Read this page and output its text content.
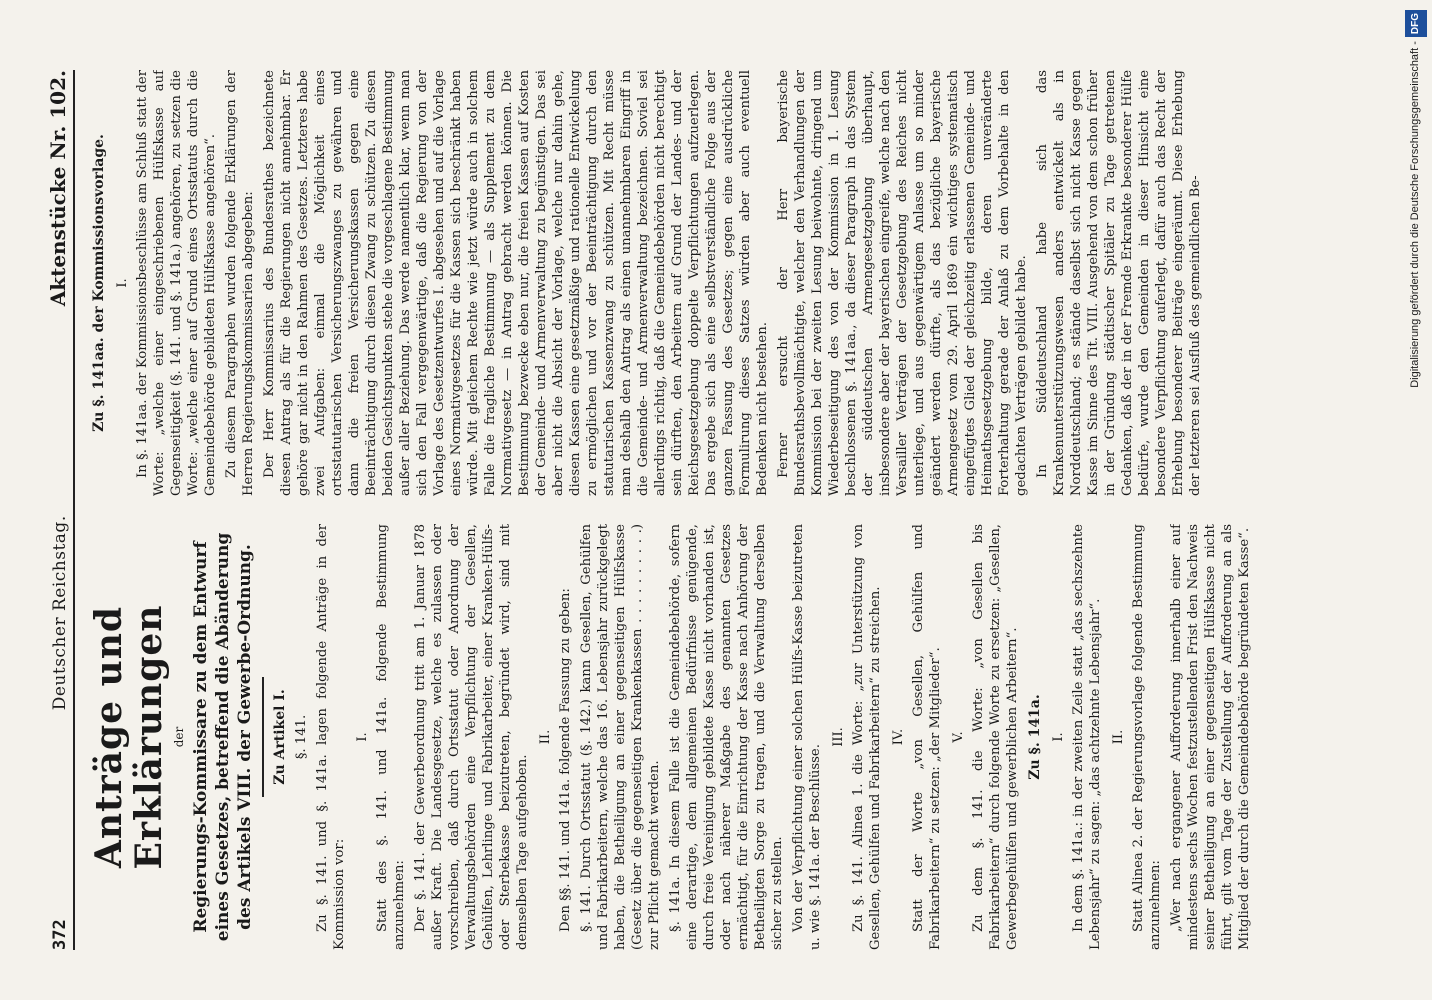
372
Deutscher Reichstag.
Aktenstücke Nr. 102.
Anträge und Erklärungen der Regierungs-Kommissare zu dem Entwurf eines Gesetzes, betreffend die Abänderung des Artikels VIII. der Gewerbe-Ordnung. Zu Artikel I. §. 141. Zu §. 141. und §. 141a. lagen folgende Anträge in der Kommission vor:

I. Statt des §. 141. und 141a. folgende Bestimmung anzunehmen: Der §. 141. der Gewerbeordnung tritt am 1. Januar 1878 außer Kraft. Die Landesgesetze, welche es zulassen oder vorschreiben, daß durch Ortsstatut oder Anordnung der Verwaltungsbehörden eine Verpflichtung der Gesellen, Gehülfen, Lehrlinge und Fabrikarbeiter, einer Kranken-Hülfs- oder Sterbekasse beizutreten, begründet wird, sind mit demselben Tage aufgehoben.

II. Den §§. 141. und 141a. folgende Fassung zu geben: §. 141. Durch Ortsstatut (§. 142.) kann Gesellen, Gehülfen und Fabrikarbeitern, welche das 16. Lebensjahr zurückgelegt haben, die Betheiligung an einer gegenseitigen Hülfskasse (Gesetz über die gegenseitigen Krankenkassen . . . . . . . . . .) zur Pflicht gemacht werden. §. 141a. In diesem Falle ist die Gemeindebehörde, sofern eine derartige, dem allgemeinen Bedürfnisse genügende, durch freie Vereinigung gebildete Kasse nicht vorhanden ist, oder nach näherer Maßgabe des genannten Gesetzes ermächtigt, für die Einrichtung der Kasse nach Anhörung der Betheiligten Sorge zu tragen, und die Verwaltung derselben sicher zu stellen. Von der Verpflichtung einer solchen Hülfs-Kasse beizutreten u. wie §. 141a. der Beschlüsse.

III. Zu §. 141. Alinea 1. die Worte: „zur Unterstützung von Gesellen, Gehülfen und Fabrikarbeitern“ zu streichen. IV. Statt der Worte „von Gesellen, Gehülfen und Fabrikarbeitern“ zu setzen: „der Mitglieder“. V. Zu dem §. 141. die Worte: „von Gesellen bis Fabrikarbeitern“ durch folgende Worte zu ersetzen: „Gesellen, Gewerbegehülfen und gewerblichen Arbeitern“. Zu §. 141a. I. In dem §. 141a.: in der zweiten Zeile statt „das sechszehnte Lebensjahr“ zu sagen: „das achtzehnte Lebensjahr“. II. Statt Alinea 2. der Regierungsvorlage folgende Bestimmung anzunehmen: „Wer nach ergangener Aufforderung innerhalb einer auf mindestens sechs Wochen festzustellenden Frist den Nachweis seiner Betheiligung an einer gegenseitigen Hülfskasse nicht führt, gilt vom Tage der Zustellung der Aufforderung an als Mitglied der durch die Gemeindebehörde begründeten Kasse“.

Zu §. 141aa. der Kommissionsvorlage. I. In §. 141aa. der Kommissionsbeschlüsse am Schluß statt der Worte: „welche einer eingeschriebenen Hülfskasse auf Gegenseitigkeit (§. 141. und §. 141a.) angehören, zu setzen die Worte: „welche einer auf Grund eines Ortsstatuts durch die Gemeindebehörde gebildeten Hülfskasse angehören“. Zu diesem Paragraphen wurden folgende Erklärungen der Herren Regierungskommissarien abgegeben: Der Herr Kommissarius des Bundesrathes bezeichnete diesen Antrag als für die Regierungen nicht annehmbar. Er gehöre gar nicht in den Rahmen des Gesetzes. Letzteres habe zwei Aufgaben: einmal die Möglichkeit eines ortsstatutarischen Versicherungszwanges zu gewähren und dann die freien Versicherungskassen gegen eine Beeinträchtigung durch diesen Zwang zu schützen. Zu diesen beiden Gesichtspunkten stehe die vorgeschlagene Bestimmung außer aller Beziehung. Das werde namentlich klar, wenn man sich den Fall vergegenwärtige, daß die Regierung von der Vorlage des Gesetzentwurfes I. abgesehen und auf die Vorlage eines Normativgesetzes für die Kassen sich beschränkt haben würde. Mit gleichem Rechte wie jetzt würde auch in solchem Falle die fragliche Bestimmung — als Supplement zu dem Normativgesetz — in Antrag gebracht werden können. Die Bestimmung bezwecke eben nur, die freien Kassen auf Kosten der Gemeinde- und Armenverwaltung zu begünstigen. Das sei aber nicht die Absicht der Vorlage, welche nur dahin gehe, diesen Kassen eine gesetzmäßige und rationelle Entwickelung zu ermöglichen und vor der Beeinträchtigung durch den statutarischen Kassenzwang zu schützen. Mit Recht müsse man deshalb den Antrag als einen unannehmbaren Eingriff in die Gemeinde- und Armenverwaltung bezeichnen. Soviel sei allerdings richtig, daß die Gemeindebehörden nicht berechtigt sein dürften, den Arbeitern auf Grund der Landes- und der Reichsgesetzgebung doppelte Verpflichtungen aufzuerlegen. Das ergebe sich als eine selbstverständliche Folge aus der ganzen Fassung des Gesetzes; gegen eine ausdrückliche Formulirung dieses Satzes würden aber auch eventuell Bedenken nicht bestehen. Ferner ersucht der Herr bayerische Bundesrathsbevollmächtigte, welcher den Verhandlungen der Kommission bei der zweiten Lesung beiwohnte, dringend um Wiederbeseitigung des von der Kommission in 1. Lesung beschlossenen §. 141aa., da dieser Paragraph in das System der süddeutschen Armengesetzgebung überhaupt, insbesondere aber der bayerischen eingreife, welche nach den Versailler Verträgen der Gesetzgebung des Reiches nicht unterliege, und aus gegenwärtigem Anlasse um so minder geändert werden dürfte, als das bezügliche bayerische Armengesetz vom 29. April 1869 ein wichtiges systematisch eingefügtes Glied der gleichzeitig erlassenen Gemeinde- und Heimathsgesetzgebung bilde, deren unveränderte Forterhaltung gerade der Anlaß zu dem Vorbehalte in den gedachten Verträgen gebildet habe. In Süddeutschland habe sich das Krankenunterstützungswesen anders entwickelt als in Norddeutschland; es stände daselbst sich nicht Kasse gegen Kasse im Sinne des Tit. VIII. Ausgehend von dem schon früher in der Gründung städtischer Spitäler zu Tage getretenen Gedanken, daß der in der Fremde Erkrankte besonderer Hülfe bedürfe, wurde den Gemeinden in dieser Hinsicht eine besondere Verpflichtung auferlegt, dafür auch das Recht der Erhebung besonderer Beiträge eingeräumt. Diese Erhebung der letzteren sei Ausfluß des gemeindlichen Be-	Digitalisierung gefördert durch die Deutsche Forschungsgemeinschaft -DFG
